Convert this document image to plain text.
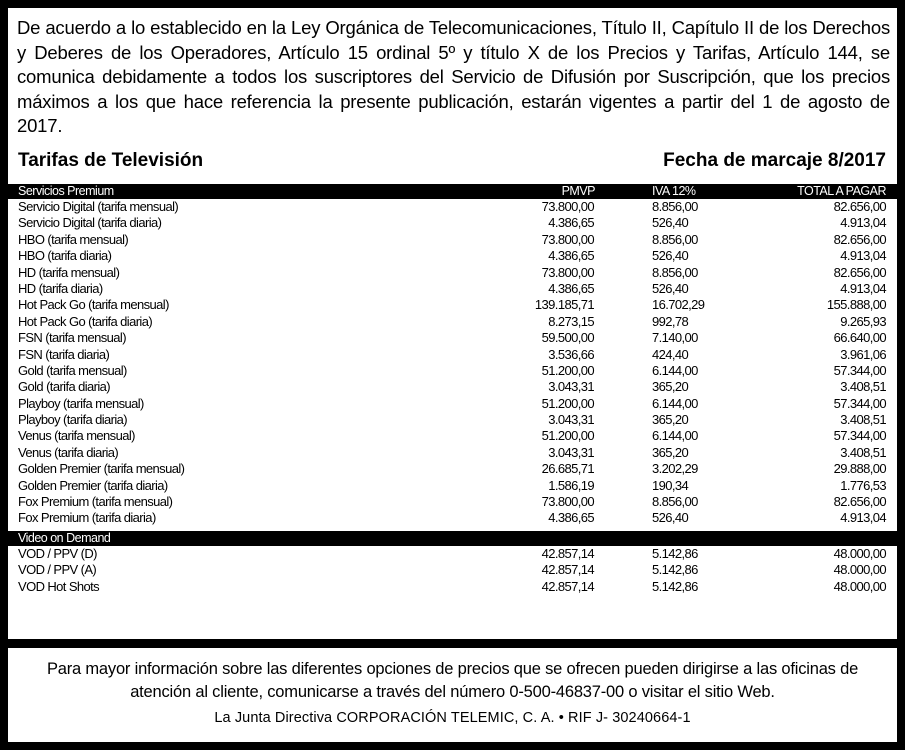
De acuerdo a lo establecido en la Ley Orgánica de Telecomunicaciones, Título II, Capítulo II de los Derechos y Deberes de los Operadores, Artículo 15 ordinal 5º y título X de los Precios y Tarifas, Artículo 144, se comunica debidamente a todos los suscriptores del Servicio de Difusión por Suscripción, que los precios máximos a los que hace referencia la presente publicación, estarán vigentes a partir del 1 de agosto de 2017.

Tarifas de Televisión	Fecha de marcaje 8/2017
Servicios Premium	PMVP	IVA 12%	TOTAL A PAGAR
Servicio Digital (tarifa mensual)	73.800,00	8.856,00	82.656,00
Servicio Digital (tarifa diaria)	4.386,65	526,40	4.913,04
HBO (tarifa mensual)	73.800,00	8.856,00	82.656,00
HBO (tarifa diaria)	4.386,65	526,40	4.913,04
HD (tarifa mensual)	73.800,00	8.856,00	82.656,00
HD (tarifa diaria)	4.386,65	526,40	4.913,04
Hot Pack Go (tarifa mensual)	139.185,71	16.702,29	155.888,00
Hot Pack Go (tarifa diaria)	8.273,15	992,78	9.265,93
FSN (tarifa mensual)	59.500,00	7.140,00	66.640,00
FSN (tarifa diaria)	3.536,66	424,40	3.961,06
Gold (tarifa mensual)	51.200,00	6.144,00	57.344,00
Gold (tarifa diaria)	3.043,31	365,20	3.408,51
Playboy (tarifa mensual)	51.200,00	6.144,00	57.344,00
Playboy (tarifa diaria)	3.043,31	365,20	3.408,51
Venus (tarifa mensual)	51.200,00	6.144,00	57.344,00
Venus (tarifa diaria)	3.043,31	365,20	3.408,51
Golden Premier (tarifa mensual)	26.685,71	3.202,29	29.888,00
Golden Premier (tarifa diaria)	1.586,19	190,34	1.776,53
Fox Premium (tarifa mensual)	73.800,00	8.856,00	82.656,00
Fox Premium (tarifa diaria)	4.386,65	526,40	4.913,04
Video on Demand
VOD / PPV (D)	42.857,14	5.142,86	48.000,00
VOD / PPV (A)	42.857,14	5.142,86	48.000,00
VOD Hot Shots	42.857,14	5.142,86	48.000,00
Para mayor información sobre las diferentes opciones de precios que se ofrecen pueden dirigirse a las oficinas de atención al cliente, comunicarse a través del número 0-500-46837-00 o visitar el sitio Web.
La Junta Directiva CORPORACIÓN TELEMIC, C. A. • RIF J- 30240664-1
